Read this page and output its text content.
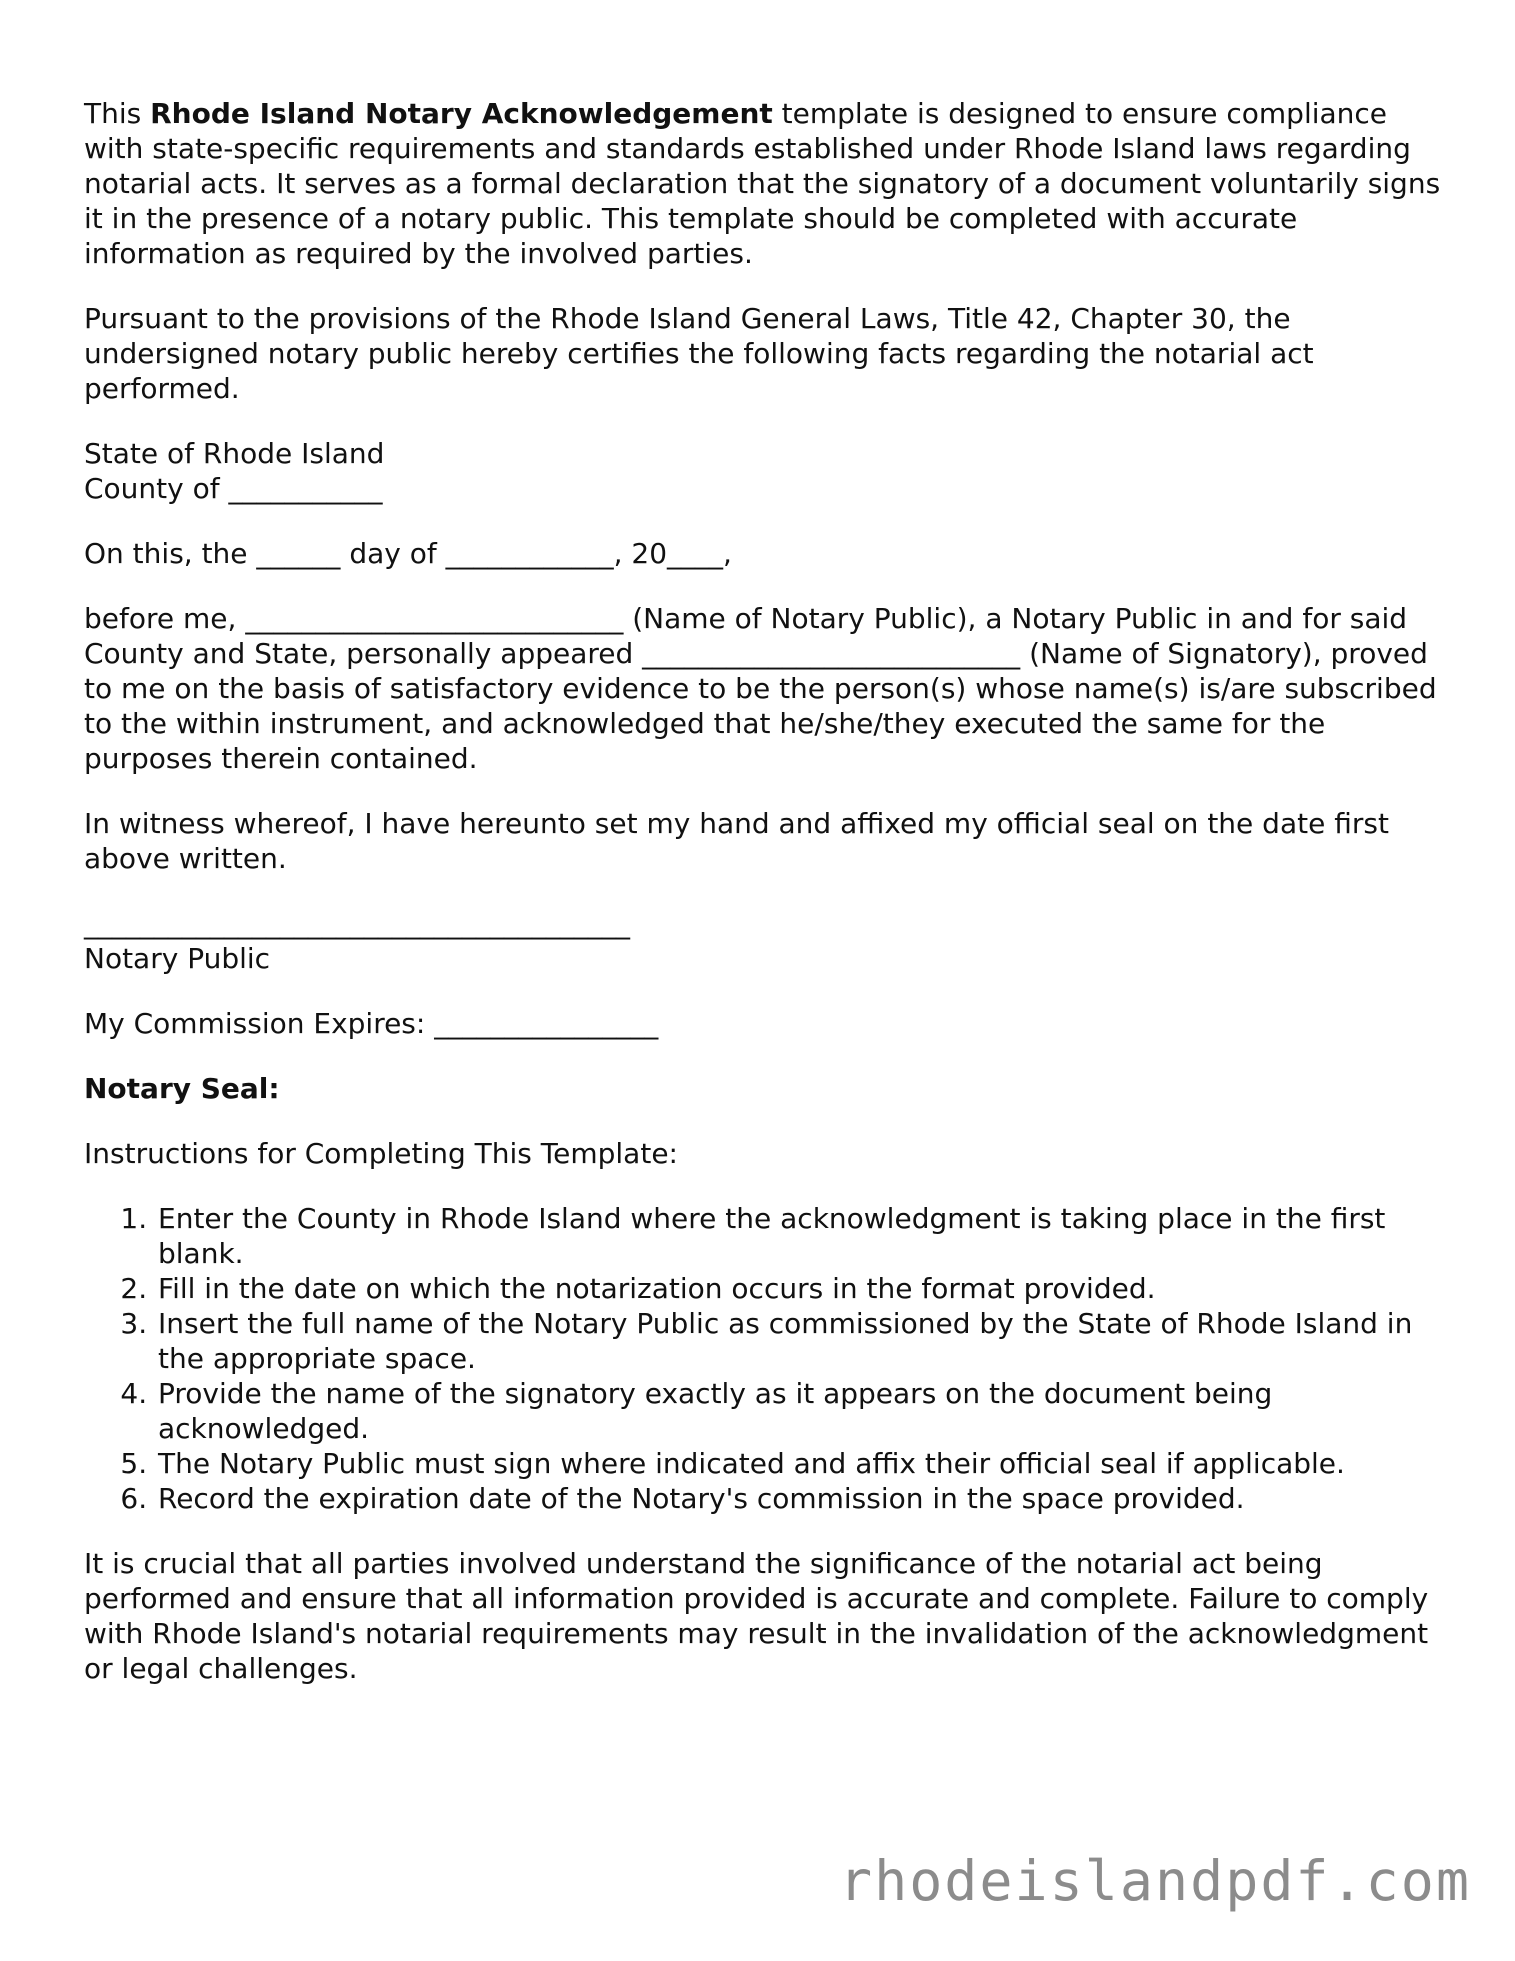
This Rhode Island Notary Acknowledgement template is designed to ensure compliance with state-specific requirements and standards established under Rhode Island laws regarding notarial acts. It serves as a formal declaration that the signatory of a document voluntarily signs it in the presence of a notary public. This template should be completed with accurate information as required by the involved parties.

Pursuant to the provisions of the Rhode Island General Laws, Title 42, Chapter 30, the undersigned notary public hereby certifies the following facts regarding the notarial act performed.

State of Rhode Island
County of ___________

On this, the ______ day of ____________, 20____,

before me, ___________________________ (Name of Notary Public), a Notary Public in and for said County and State, personally appeared ___________________________ (Name of Signatory), proved to me on the basis of satisfactory evidence to be the person(s) whose name(s) is/are subscribed to the within instrument, and acknowledged that he/she/they executed the same for the purposes therein contained.

In witness whereof, I have hereunto set my hand and affixed my official seal on the date first above written.

_______________________________________
Notary Public

My Commission Expires: ________________

Notary Seal:

Instructions for Completing This Template:

1. Enter the County in Rhode Island where the acknowledgment is taking place in the first blank.
2. Fill in the date on which the notarization occurs in the format provided.
3. Insert the full name of the Notary Public as commissioned by the State of Rhode Island in the appropriate space.
4. Provide the name of the signatory exactly as it appears on the document being acknowledged.
5. The Notary Public must sign where indicated and affix their official seal if applicable.
6. Record the expiration date of the Notary's commission in the space provided.

It is crucial that all parties involved understand the significance of the notarial act being performed and ensure that all information provided is accurate and complete. Failure to comply with Rhode Island's notarial requirements may result in the invalidation of the acknowledgment or legal challenges.

rhodeislandpdf.com
